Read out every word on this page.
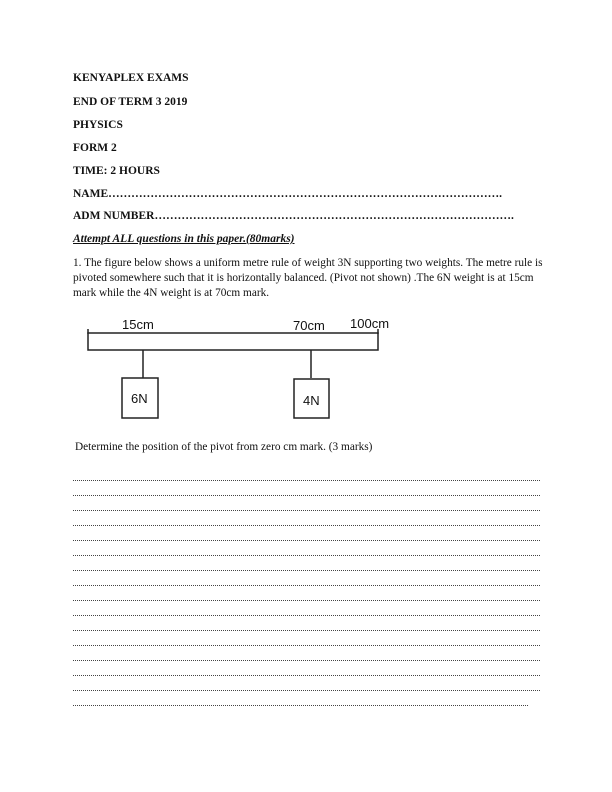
KENYAPLEX EXAMS
END OF TERM 3 2019
PHYSICS
FORM 2
TIME: 2 HOURS
NAME………………………………………………………………………………………….
ADM NUMBER………………………………………………………………………………….
Attempt ALL questions in this paper.(80marks)
1. The figure below shows a uniform metre rule of weight 3N supporting two weights. The metre rule is pivoted somewhere such that it is horizontally balanced. (Pivot not shown) .The 6N weight is at 15cm mark while the 4N weight is at 70cm mark.
15cm	70cm 100cm
6N	4N
Determine the position of the pivot from zero cm mark. (3 marks)
